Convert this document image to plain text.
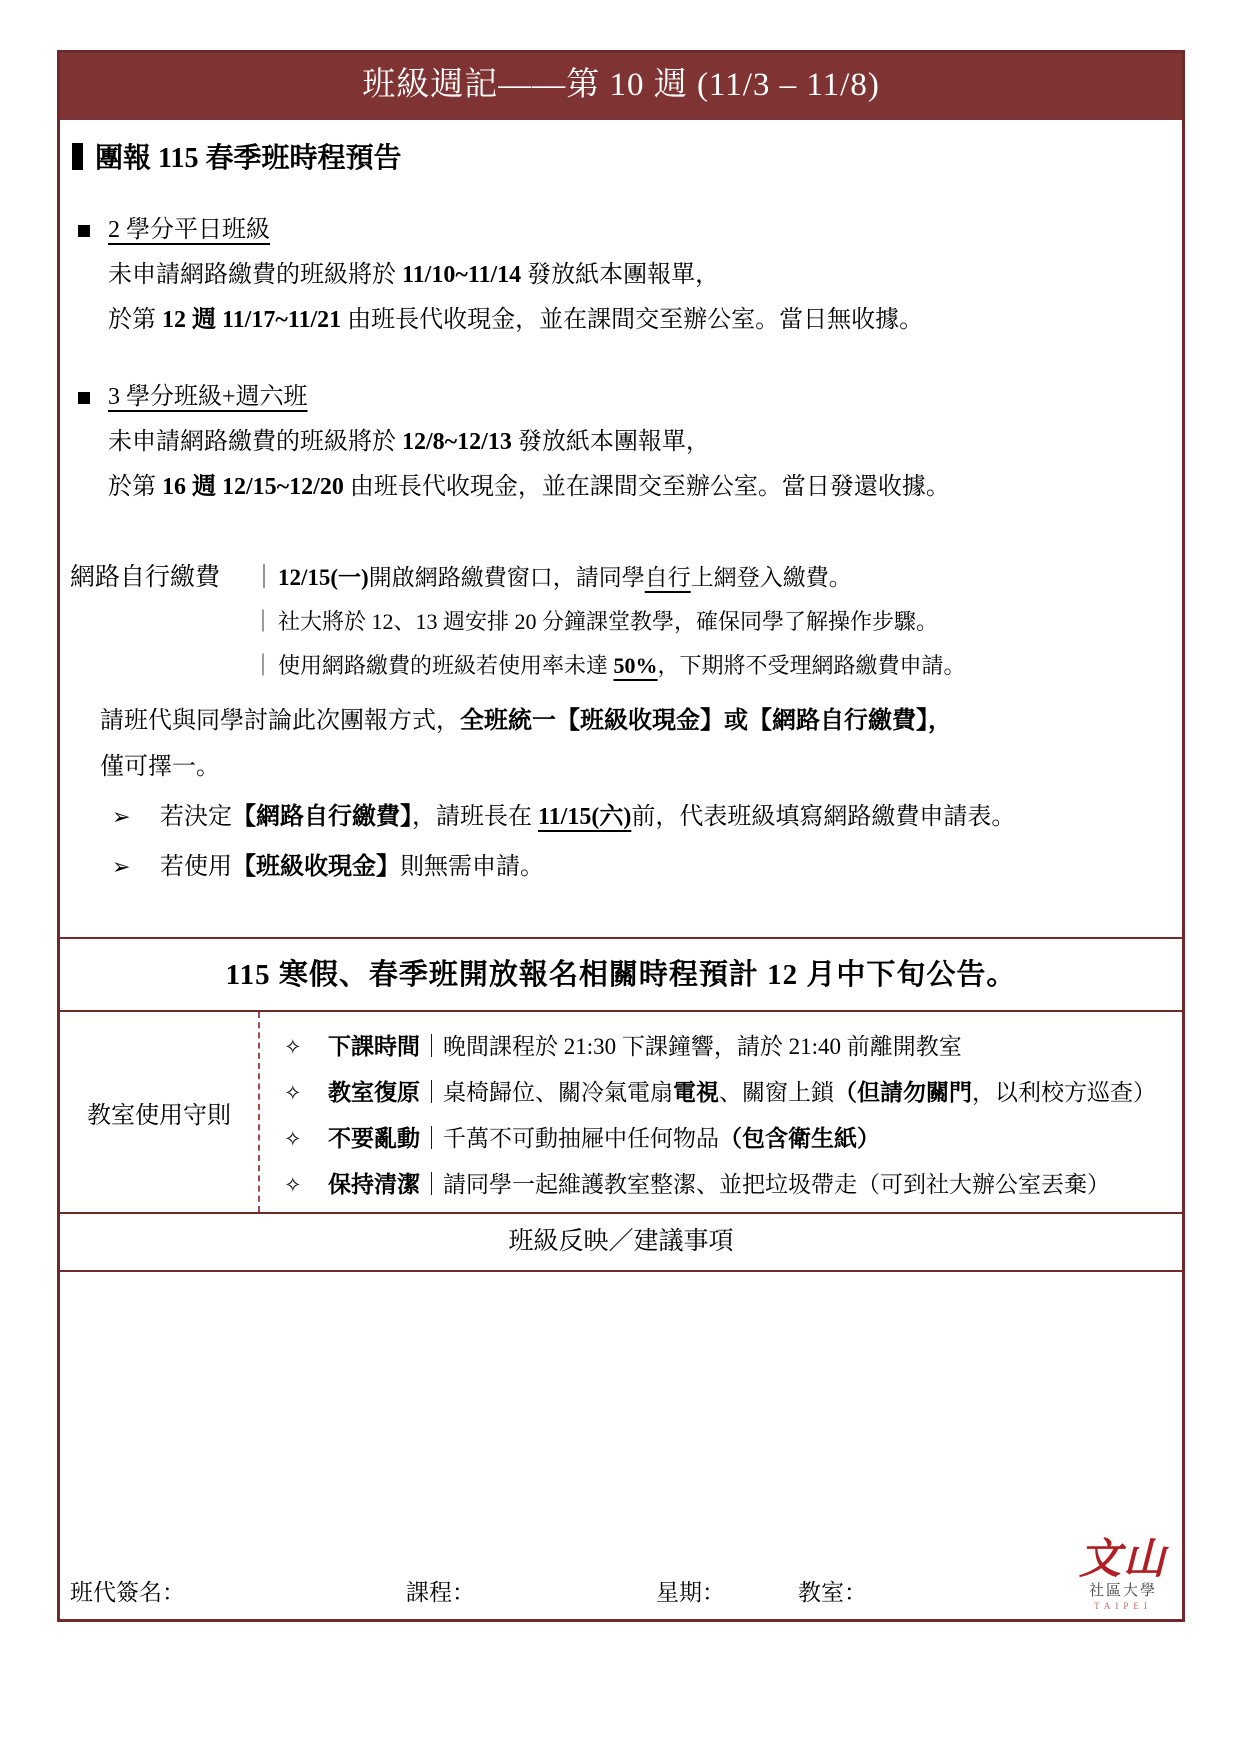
班級週記——第 10 週 (11/3 – 11/8)
團報 115 春季班時程預告
2 學分平日班級
未申請網路繳費的班級將於 11/10~11/14 發放紙本團報單，
於第 12 週 11/17~11/21 由班長代收現金，並在課間交至辦公室。當日無收據。
3 學分班級+週六班
未申請網路繳費的班級將於 12/8~12/13 發放紙本團報單，
於第 16 週 12/15~12/20 由班長代收現金，並在課間交至辦公室。當日發還收據。
網路自行繳費	｜ 12/15(一)開啟網路繳費窗口，請同學自行上網登入繳費。
｜ 社大將於 12、13 週安排 20 分鐘課堂教學，確保同學了解操作步驟。
｜ 使用網路繳費的班級若使用率未達 50%，下期將不受理網路繳費申請。
請班代與同學討論此次團報方式，全班統一【班級收現金】或【網路自行繳費】，
僅可擇一。
➢	若決定【網路自行繳費】，請班長在 11/15(六)前，代表班級填寫網路繳費申請表。
➢	若使用【班級收現金】則無需申請。
115 寒假、春季班開放報名相關時程預計 12 月中下旬公告。
教室使用守則
✧	下課時間｜晚間課程於 21:30 下課鐘響，請於 21:40 前離開教室
✧	教室復原｜桌椅歸位、關冷氣電扇電視、關窗上鎖（但請勿關門，以利校方巡查）
✧	不要亂動｜千萬不可動抽屜中任何物品（包含衛生紙）
✧	保持清潔｜請同學一起維護教室整潔、並把垃圾帶走（可到社大辦公室丟棄）
班級反映／建議事項
文山
社區大學
TAIPEI
班代簽名：	課程：	星期：	教室：
